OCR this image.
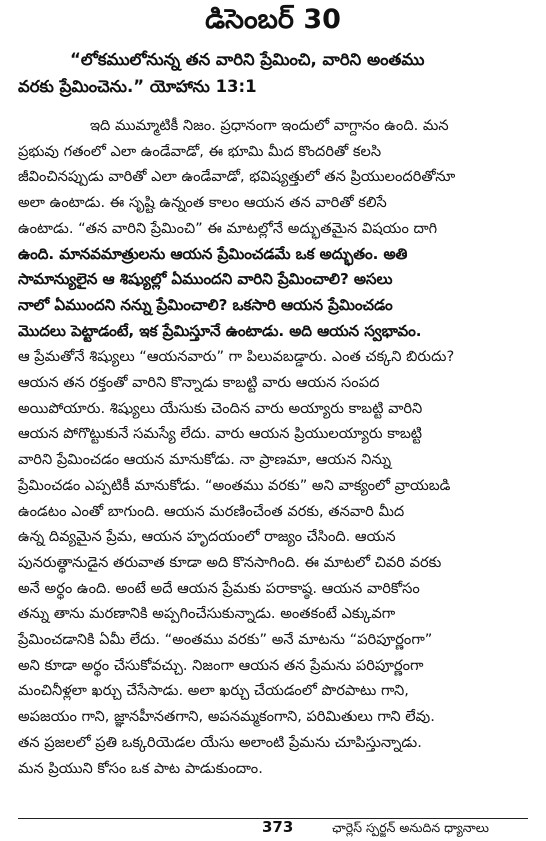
డిసెంబర్ 30
“లోకములోనున్న తన వారిని ప్రేమించి, వారిని అంతము
వరకు ప్రేమించెను.” యోహాను 13:1
ఇది ముమ్మాటికీ నిజం. ప్రధానంగా ఇందులో వాగ్దానం ఉంది. మన
ప్రభువు గతంలో ఎలా ఉండేవాడో, ఈ భూమి మీద కొందరితో కలసి
జీవించినప్పుడు వారితో ఎలా ఉండేవాడో, భవిష్యత్తులో తన ప్రియులందరితోనూ
అలా ఉంటాడు. ఈ సృష్టి ఉన్నంత కాలం ఆయన తన వారితో కలిసే
ఉంటాడు. “తన వారిని ప్రేమించి” ఈ మాటల్లోనే అద్భుతమైన విషయం దాగి
ఉంది. మానవమాత్రులను ఆయన ప్రేమించడమే ఒక అద్భుతం. అతి
సామాన్యులైన ఆ శిష్యుల్లో ఏముందని వారిని ప్రేమించాలి? అసలు
నాలో ఏముందని నన్ను ప్రేమించాలి? ఒకసారి ఆయన ప్రేమించడం
మొదలు పెట్టాడంటే, ఇక ప్రేమిస్తూనే ఉంటాడు. అది ఆయన స్వభావం.
ఆ ప్రేమతోనే శిష్యులు “ఆయనవారు” గా పిలువబడ్డారు. ఎంత చక్కని బిరుదు?
ఆయన తన రక్తంతో వారిని కొన్నాడు కాబట్టి వారు ఆయన సంపద
అయిపోయారు. శిష్యులు యేసుకు చెందిన వారు అయ్యారు కాబట్టి వారిని
ఆయన పోగొట్టుకునే సమస్యే లేదు. వారు ఆయన ప్రియులయ్యారు కాబట్టి
వారిని ప్రేమించడం ఆయన మానుకోడు. నా ప్రాణమా, ఆయన నిన్ను
ప్రేమించడం ఎప్పటికీ మానుకోడు. “అంతము వరకు” అని వాక్యంలో వ్రాయబడి
ఉండటం ఎంతో బాగుంది. ఆయన మరణించేంత వరకు, తనవారి మీద
ఉన్న దివ్యమైన ప్రేమ, ఆయన హృదయంలో రాజ్యం చేసింది. ఆయన
పునరుత్థానుడైన తరువాత కూడా అది కొనసాగింది. ఈ మాటలో చివరి వరకు
అనే అర్థం ఉంది. అంటే అదే ఆయన ప్రేమకు పరాకాష్ఠ. ఆయన వారికోసం
తన్ను తాను మరణానికి అప్పగించేసుకున్నాడు. అంతకంటే ఎక్కువగా
ప్రేమించడానికి ఏమీ లేదు. “అంతము వరకు” అనే మాటను “పరిపూర్ణంగా”
అని కూడా అర్థం చేసుకోవచ్చు. నిజంగా ఆయన తన ప్రేమను పరిపూర్ణంగా
మంచినీళ్లలా ఖర్చు చేసేసాడు. అలా ఖర్చు చేయడంలో పొరపాటు గాని,
అపజయం గాని, జ్ఞానహీనతగాని, అపనమ్మకంగాని, పరిమితులు గాని లేవు.
తన ప్రజలలో ప్రతి ఒక్కరియెడల యేసు అలాంటి ప్రేమను చూపిస్తున్నాడు.
మన ప్రియుని కోసం ఒక పాట పాడుకుందాం.
373	ఛార్లెస్ స్పర్జన్ అనుదిన ధ్యానాలు
